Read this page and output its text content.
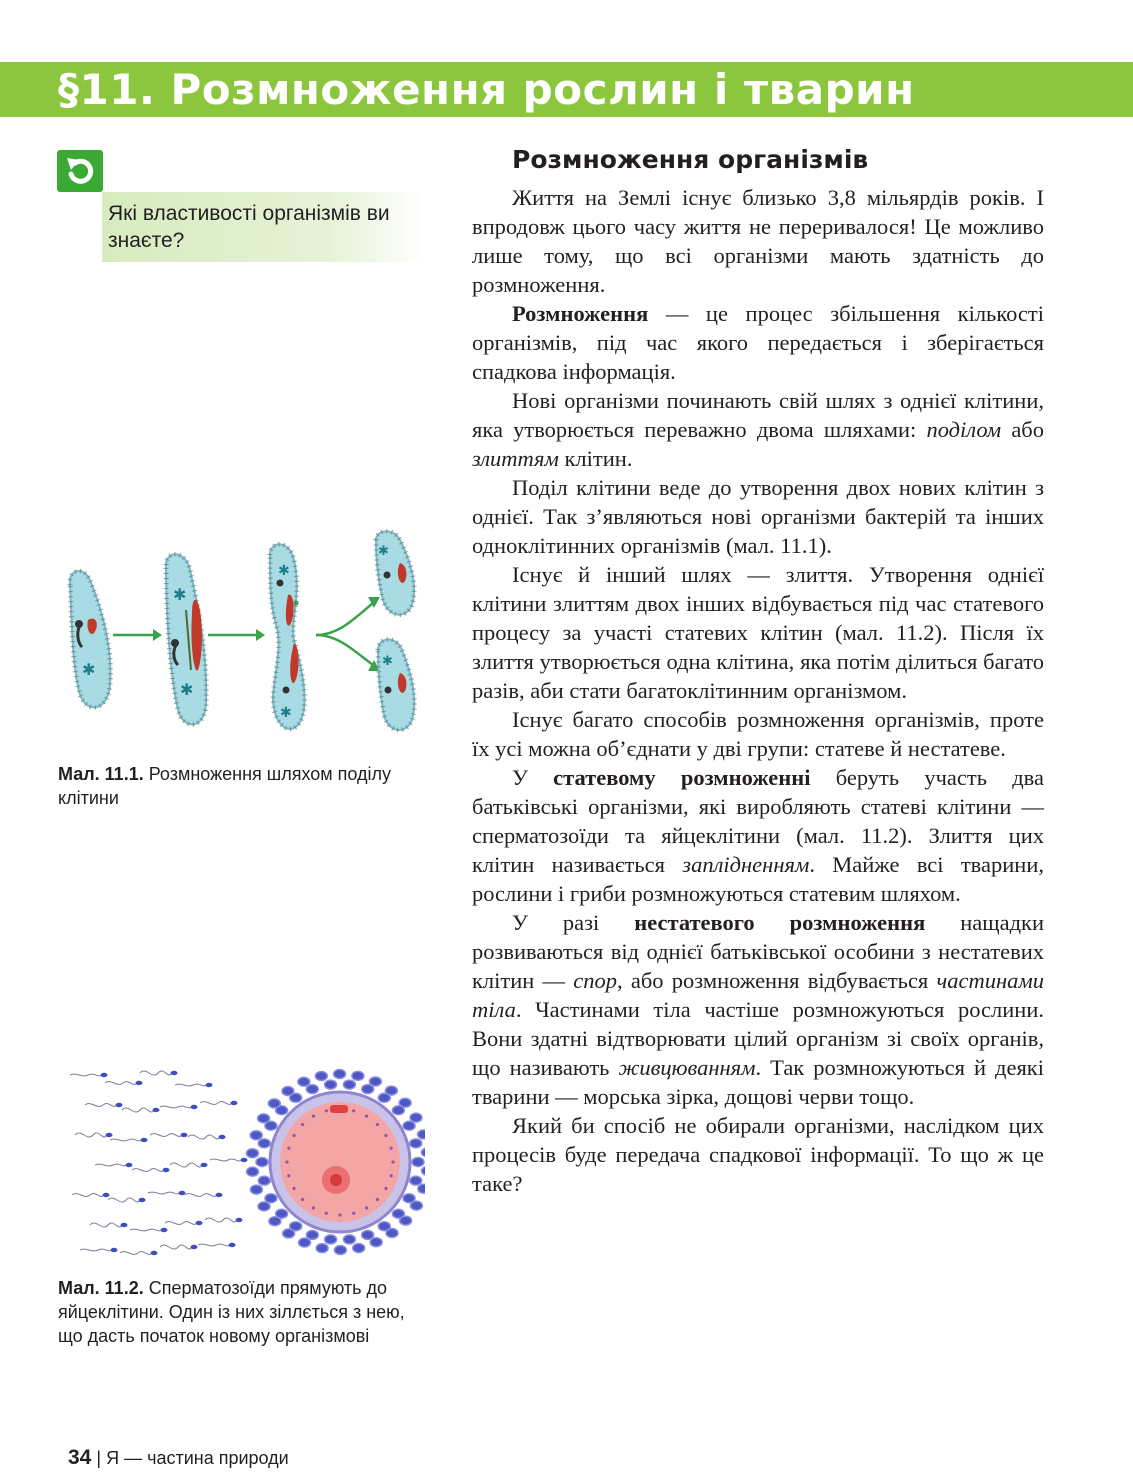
§11. Розмноження рослин і тварин
Які властивості організмів ви знаєте?
✱
✱
✱
✱
✱
✱
✱
Мал. 11.1. Розмноження шляхом поділу клітини
Мал. 11.2. Сперматозоїди прямують до яйцеклітини. Один із них зіллється з нею, що дасть початок новому організмові
Розмноження організмів

Життя на Землі існує близько 3,8 мільярдів років. І впродовж цього часу життя не переривалося! Це можливо лише тому, що всі організми мають здатність до розмноження.

Розмноження — це процес збільшення кількості організмів, під час якого передається і зберігається спадкова інформація.

Нові організми починають свій шлях з однієї клітини, яка утворюється переважно двома шляхами: поділом або злиттям клітин.

Поділ клітини веде до утворення двох нових клітин з однієї. Так з’являються нові організми бактерій та інших одноклітинних організмів (мал. 11.1).

Існує й інший шлях — злиття. Утворення однієї клітини злиттям двох інших відбувається під час статевого процесу за участі статевих клітин (мал. 11.2). Після їх злиття утворюється одна клітина, яка потім ділиться багато разів, аби стати багатоклітинним організмом.

Існує багато способів розмноження організмів, проте їх усі можна об’єднати у дві групи: статеве й нестатеве.

У статевому розмноженні беруть участь два батьківські організми, які виробляють статеві клітини — сперматозоїди та яйцеклітини (мал. 11.2). Злиття цих клітин називається заплідненням. Майже всі тварини, рослини і гриби розмножуються статевим шляхом.

У разі нестатевого розмноження нащадки розвиваються від однієї батьківської особини з нестатевих клітин — спор, або розмноження відбувається частинами тіла. Частинами тіла частіше розмножуються рослини. Вони здатні відтворювати цілий організм зі своїх органів, що називають живцюванням. Так розмножуються й деякі тварини — морська зірка, дощові черви тощо.

Який би спосіб не обирали організми, наслідком цих процесів буде передача спадкової інформації. То що ж це таке?

34 | Я — частина природи
